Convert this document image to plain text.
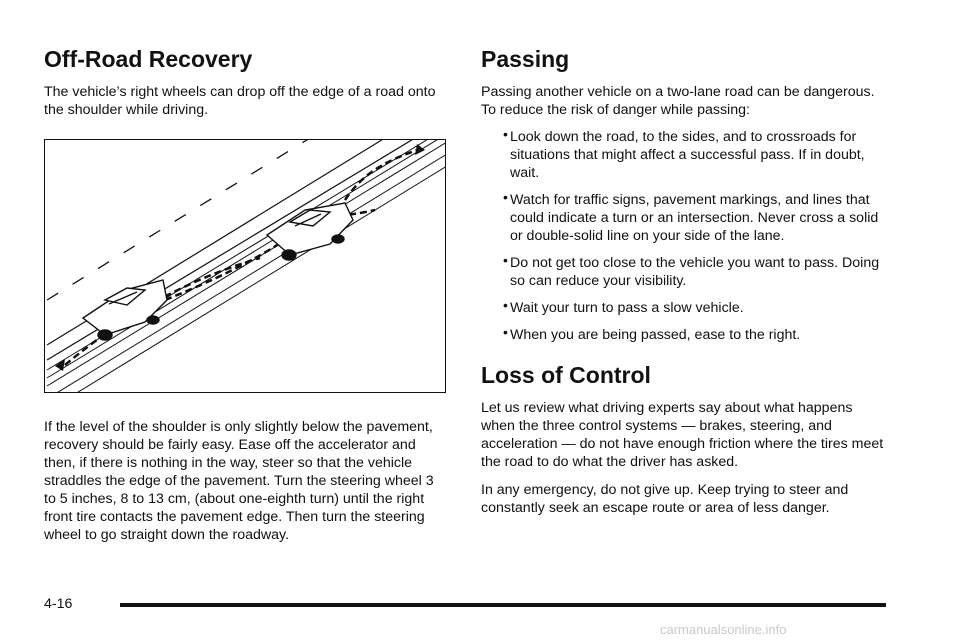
Off-Road Recovery

The vehicle’s right wheels can drop off the edge of a road onto the shoulder while driving.

If the level of the shoulder is only slightly below the pavement, recovery should be fairly easy. Ease off the accelerator and then, if there is nothing in the way, steer so that the vehicle straddles the edge of the pavement. Turn the steering wheel 3 to 5 inches, 8 to 13 cm, (about one-eighth turn) until the right front tire contacts the pavement edge. Then turn the steering wheel to go straight down the roadway.

Passing

Passing another vehicle on a two-lane road can be dangerous. To reduce the risk of danger while passing:

• Look down the road, to the sides, and to crossroads for situations that might affect a successful pass. If in doubt, wait.
• Watch for traffic signs, pavement markings, and lines that could indicate a turn or an intersection. Never cross a solid or double-solid line on your side of the lane.
• Do not get too close to the vehicle you want to pass. Doing so can reduce your visibility.
• Wait your turn to pass a slow vehicle.
• When you are being passed, ease to the right.
Loss of Control

Let us review what driving experts say about what happens when the three control systems — brakes, steering, and acceleration — do not have enough friction where the tires meet the road to do what the driver has asked.

In any emergency, do not give up. Keep trying to steer and constantly seek an escape route or area of less danger.

4-16
carmanualsonline.info
